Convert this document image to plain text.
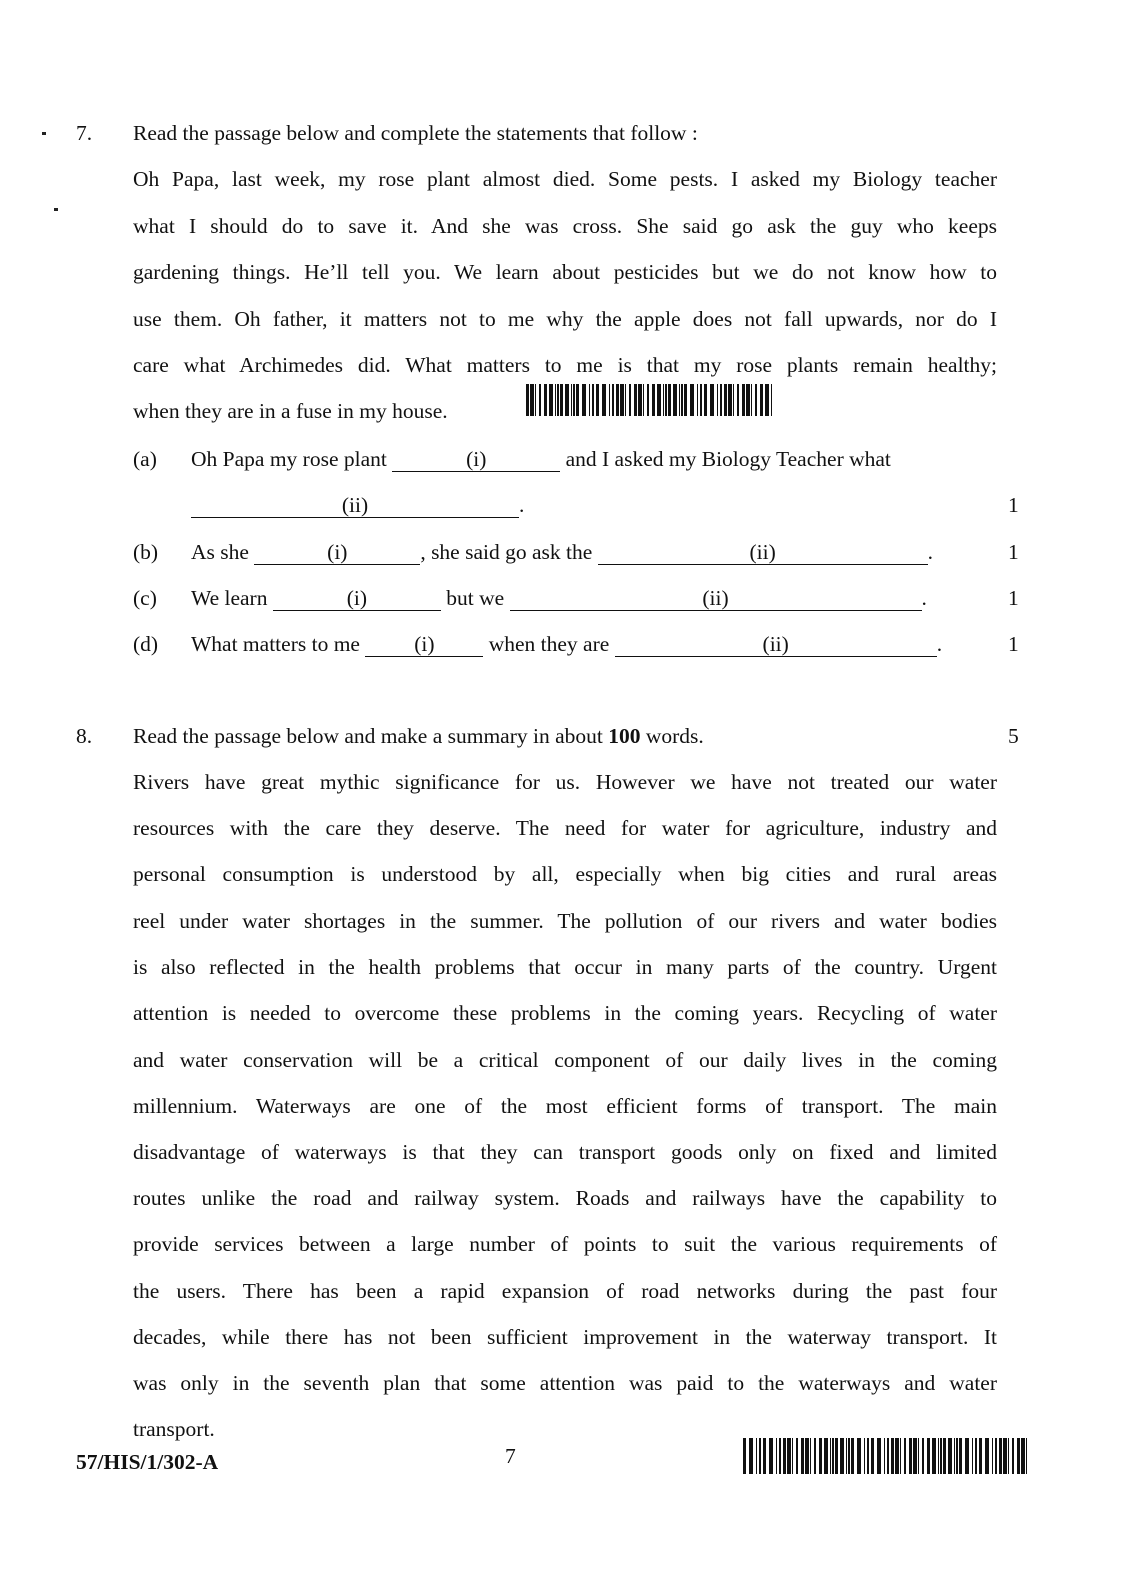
7. Read the passage below and complete the statements that follow :
Oh Papa, last week, my rose plant almost died. Some pests. I asked my Biology teacher
what I should do to save it. And she was cross. She said go ask the guy who keeps
gardening things. He’ll tell you. We learn about pesticides but we do not know how to
use them. Oh father, it matters not to me why the apple does not fall upwards, nor do I
care what Archimedes did. What matters to me is that my rose plants remain healthy;
when they are in a fuse in my house.
(a) Oh Papa my rose plant	(i)	and I asked my Biology Teacher what
(ii)	.	1
(b) As she	(i)	, she said go ask the	(ii)	.	1
(c) We learn	(i)	but we	(ii)	.	1
(d) What matters to me	(i)	when they are	(ii)	.	1
8. Read the passage below and make a summary in about 100 words.	5
Rivers have great mythic significance for us. However we have not treated our water
resources with the care they deserve. The need for water for agriculture, industry and
personal consumption is understood by all, especially when big cities and rural areas
reel under water shortages in the summer. The pollution of our rivers and water bodies
is also reflected in the health problems that occur in many parts of the country. Urgent
attention is needed to overcome these problems in the coming years. Recycling of water
and water conservation will be a critical component of our daily lives in the coming
millennium. Waterways are one of the most efficient forms of transport. The main
disadvantage of waterways is that they can transport goods only on fixed and limited
routes unlike the road and railway system. Roads and railways have the capability to
provide services between a large number of points to suit the various requirements of
the users. There has been a rapid expansion of road networks during the past four
decades, while there has not been sufficient improvement in the waterway transport. It
was only in the seventh plan that some attention was paid to the waterways and water
transport.
57/HIS/1/302-A	7
